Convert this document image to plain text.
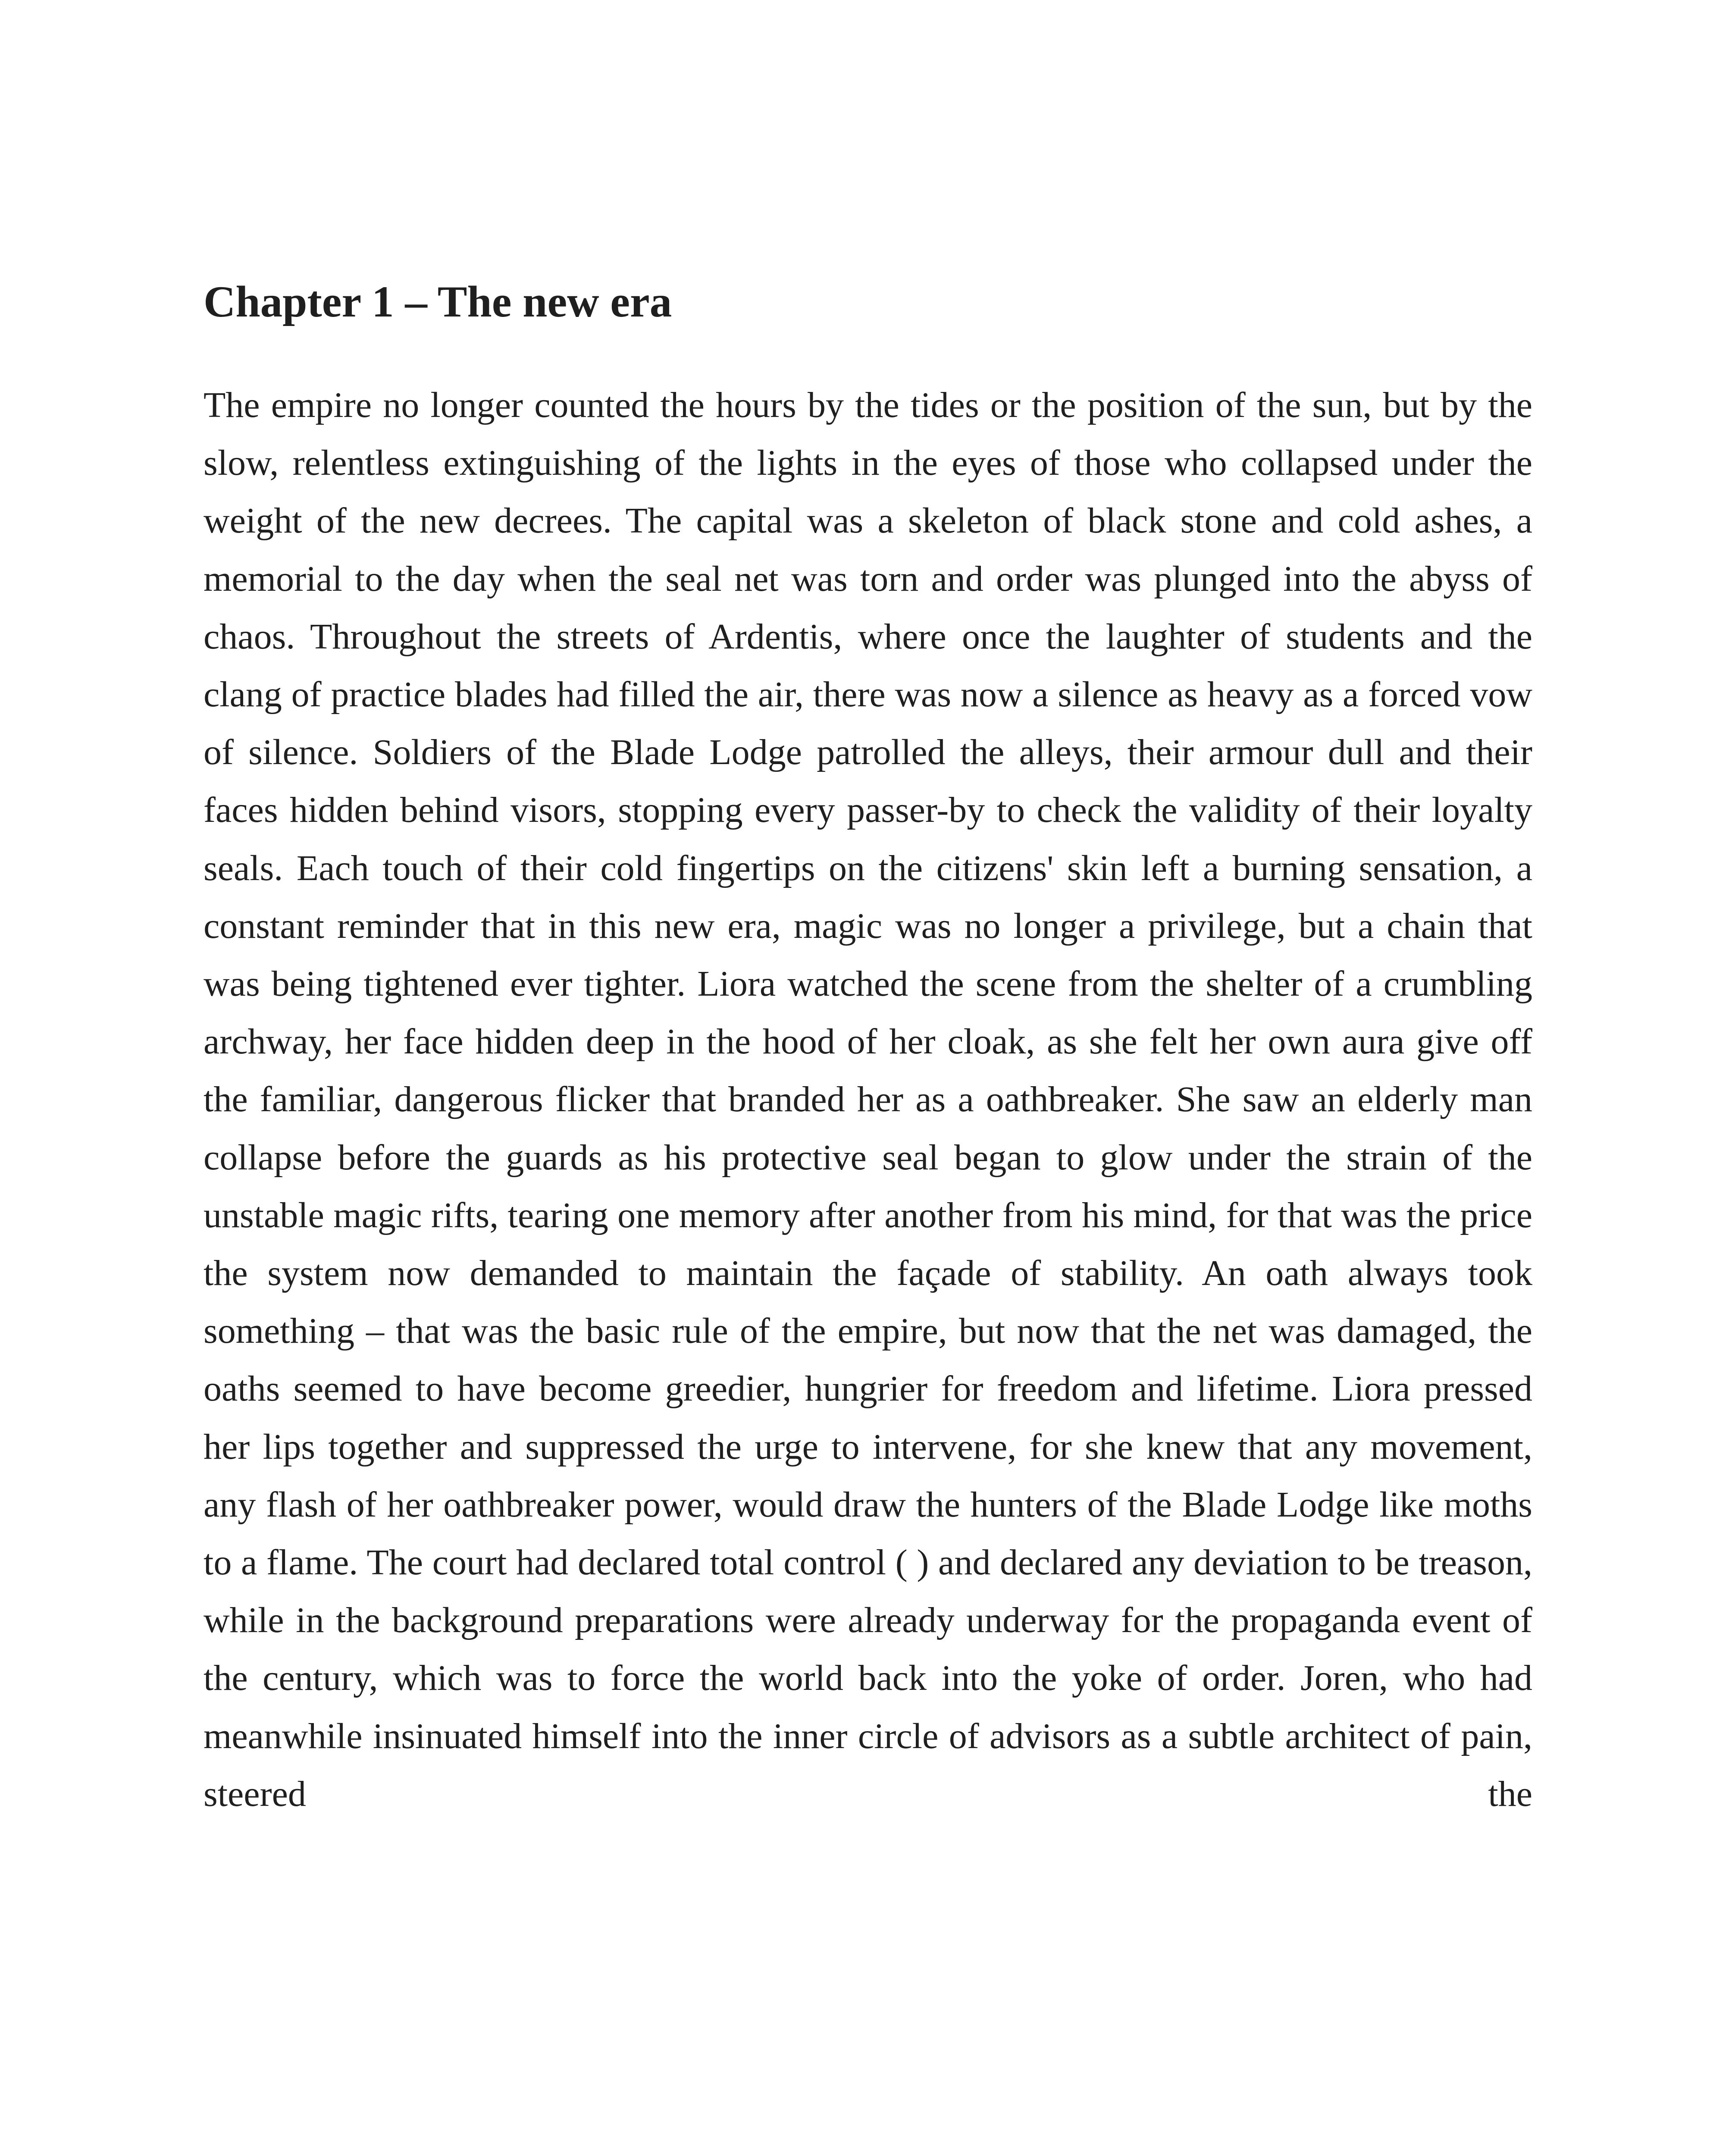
Chapter 1 – The new era

The empire no longer counted the hours by the tides or the position of the sun, but by the slow, relentless extinguishing of the lights in the eyes of those who collapsed under the weight of the new decrees. The capital was a skeleton of black stone and cold ashes, a memorial to the day when the seal net was torn and order was plunged into the abyss of chaos. Throughout the streets of Ardentis, where once the laughter of students and the clang of practice blades had filled the air, there was now a silence as heavy as a forced vow of silence. Soldiers of the Blade Lodge patrolled the alleys, their armour dull and their faces hidden behind visors, stopping every passer-by to check the validity of their loyalty seals. Each touch of their cold fingertips on the citizens' skin left a burning sensation, a constant reminder that in this new era, magic was no longer a privilege, but a chain that was being tightened ever tighter. Liora watched the scene from the shelter of a crumbling archway, her face hidden deep in the hood of her cloak, as she felt her own aura give off the familiar, dangerous flicker that branded her as a oathbreaker. She saw an elderly man collapse before the guards as his protective seal began to glow under the strain of the unstable magic rifts, tearing one memory after another from his mind, for that was the price the system now demanded to maintain the façade of stability. An oath always took something – that was the basic rule of the empire, but now that the net was damaged, the oaths seemed to have become greedier, hungrier for freedom and lifetime. Liora pressed her lips together and suppressed the urge to intervene, for she knew that any movement, any flash of her oathbreaker power, would draw the hunters of the Blade Lodge like moths to a flame. The court had declared total control ( ) and declared any deviation to be treason, while in the background preparations were already underway for the propaganda event of the century, which was to force the world back into the yoke of order. Joren, who had meanwhile insinuated himself into the inner circle of advisors as a subtle architect of pain, steered the
